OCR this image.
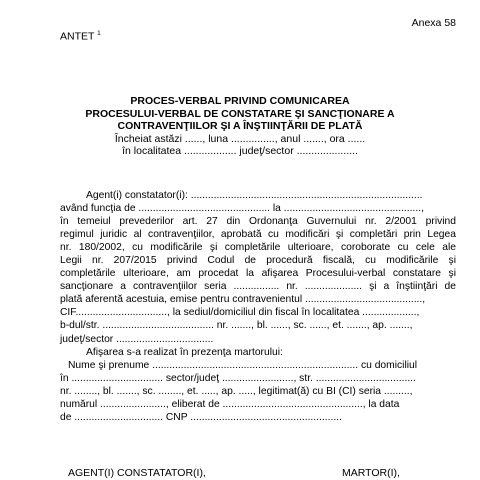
Anexa 58
ANTET $^1$
PROCES-VERBAL PRIVIND COMUNICAREA
PROCESULUI-VERBAL DE CONSTATARE ŞI SANCŢIONARE A
CONTRAVENŢIILOR ŞI A ÎNŞTIINŢĂRII DE PLATĂ
Încheiat astăzi ......, luna ..............., anul ......., ora ......
în localitatea .................. judeţ/sector .....................
Agent(i) constatator(i): .................................................................................
având funcţia de .............................................. la ................................................,
în temeiul prevederilor art. 27 din Ordonanţa Guvernului nr. 2/2001 privind
regimul juridic al contravenţiilor, aprobată cu modificări şi completări prin Legea
nr. 180/2002, cu modificările şi completările ulterioare, coroborate cu cele ale
Legii nr. 207/2015 privind Codul de procedură fiscală, cu modificările şi
completările ulterioare, am procedat la afişarea Procesului-verbal constatare şi
sancţionare a contravenţiilor seria ................ nr. .................... şi a înştiinţări de
plată aferentă acestuia, emise pentru contravenientul .........................................,
CIF................................, la sediul/domiciliul din fiscal în localitatea ...................,
b-dul/str. ....................................... nr. ......., bl. ......, sc. ......, et. ......., ap. .......,
judeţ/sector ..................................
Afişarea s-a realizat în prezenţa martorului:
Nume şi prenume ........................................................................ cu domiciliul
în ................................ sector/judeţ ........................., str. ...................................
nr. ........, bl. ......., sc. ........, et. ....., ap. ....., legitimat(ă) cu BI (CI) seria .........,
numărul ......................., eliberat de ................................................., la data
de ............................... CNP .....................................................
AGENT(I) CONSTATATOR(I),	MARTOR(I),
